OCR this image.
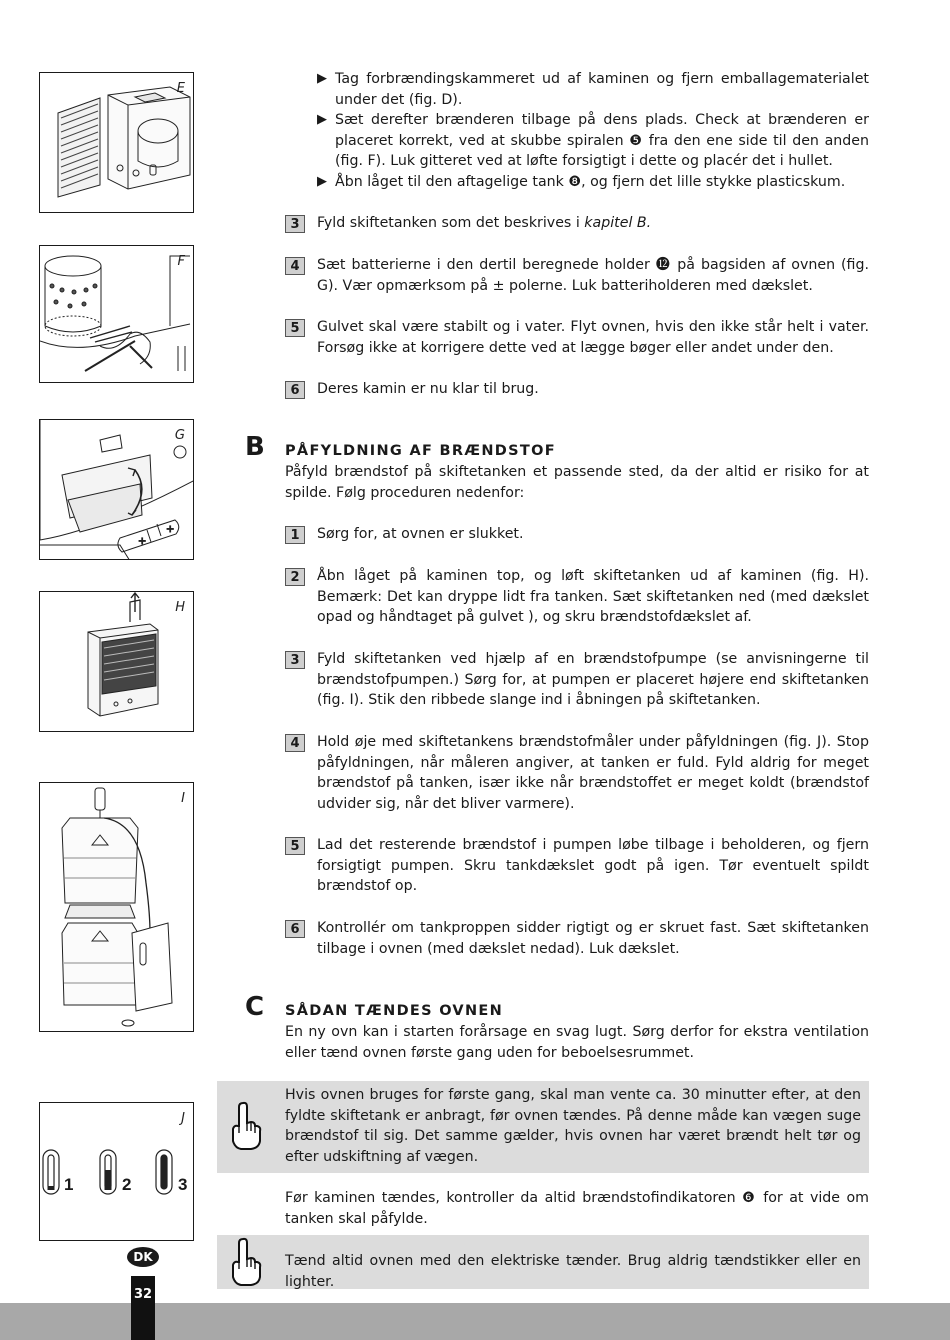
E
F
+
+
G
H
I
1	2	3
J
▶ Tag forbrændingskammeret ud af kaminen og fjern emballagematerialet under det (fig. D).
▶ Sæt derefter brænderen tilbage på dens plads. Check at brænderen er placeret korrekt, ved at skubbe spiralen ❺ fra den ene side til den anden (fig. F). Luk gitteret ved at løfte forsigtigt i dette og placér det i hullet.
▶ Åbn låget til den aftagelige tank ❽, og fjern det lille stykke plasticskum.
3	Fyld skiftetanken som det beskrives i kapitel B.

4	Sæt batterierne i den dertil beregnede holder ⓬ på bagsiden af ovnen (fig. G). Vær opmærksom på ± polerne. Luk batteriholderen med dækslet.

5	Gulvet skal være stabilt og i vater. Flyt ovnen, hvis den ikke står helt i vater. Forsøg ikke at korrigere dette ved at lægge bøger eller andet under den.

6	Deres kamin er nu klar til brug.

B PÅFYLDNING AF BRÆNDSTOF

Påfyld brændstof på skiftetanken et passende sted, da der altid er risiko for at spilde. Følg proceduren nedenfor:

1	Sørg for, at ovnen er slukket.

2	Åbn låget på kaminen top, og løft skiftetanken ud af kaminen (fig. H). Bemærk: Det kan dryppe lidt fra tanken. Sæt skiftetanken ned (med dækslet opad og håndtaget på gulvet ), og skru brændstofdækslet af.

3	Fyld skiftetanken ved hjælp af en brændstofpumpe (se anvisningerne til brændstofpumpen.) Sørg for, at pumpen er placeret højere end skiftetanken (fig. I). Stik den ribbede slange ind i åbningen på skiftetanken.

4	Hold øje med skiftetankens brændstofmåler under påfyldningen (fig. J). Stop påfyldningen, når måleren angiver, at tanken er fuld. Fyld aldrig for meget brændstof på tanken, især ikke når brændstoffet er meget koldt (brændstof udvider sig, når det bliver varmere).

5	Lad det resterende brændstof i pumpen løbe tilbage i beholderen, og fjern forsigtigt pumpen. Skru tankdækslet godt på igen. Tør eventuelt spildt brændstof op.

6	Kontrollér om tankproppen sidder rigtigt og er skruet fast. Sæt skiftetanken tilbage i ovnen (med dækslet nedad). Luk dækslet.

C SÅDAN TÆNDES OVNEN

En ny ovn kan i starten forårsage en svag lugt. Sørg derfor for ekstra ventilation eller tænd ovnen første gang uden for beboelsesrummet.

Hvis ovnen bruges for første gang, skal man vente ca. 30 minutter efter, at den fyldte skiftetank er anbragt, før ovnen tændes. På denne måde kan vægen suge brændstof til sig. Det samme gælder, hvis ovnen har været brændt helt tør og efter udskiftning af vægen.

Før kaminen tændes, kontroller da altid brændstofindikatoren ❻ for at vide om tanken skal påfylde.

Tænd altid ovnen med den elektriske tænder. Brug aldrig tændstikker eller en lighter.
DK
32
